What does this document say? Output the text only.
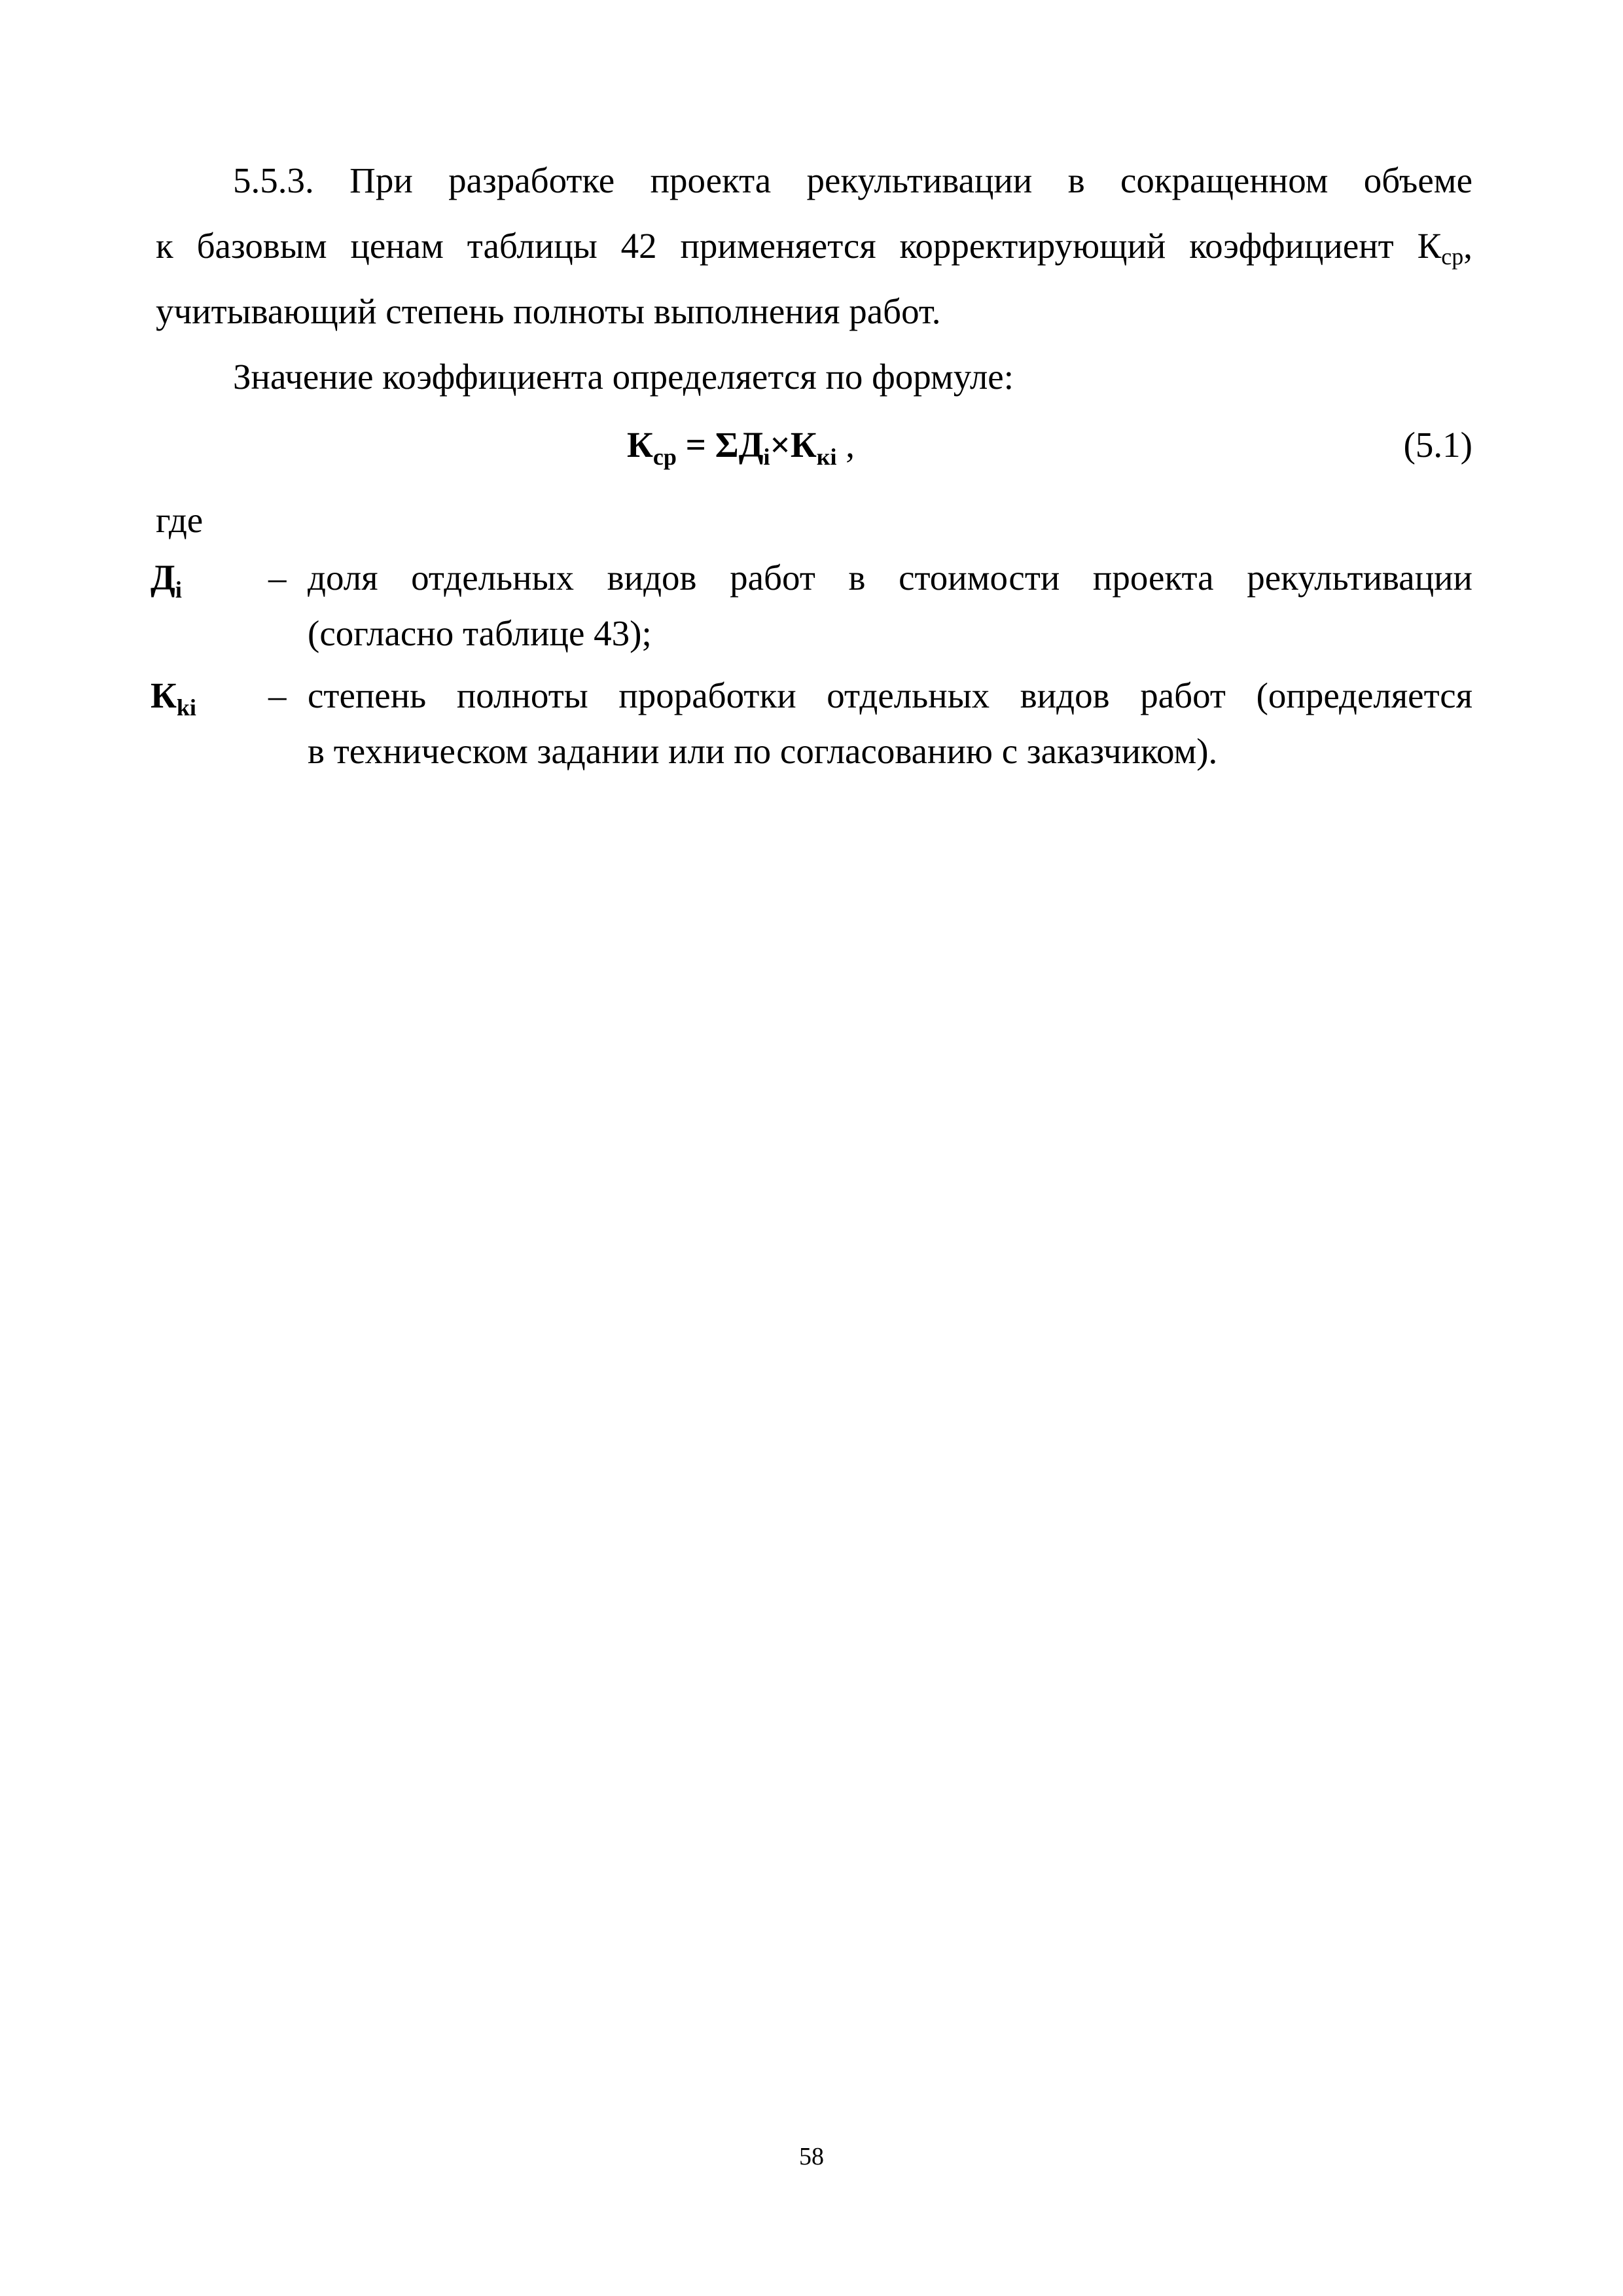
5.5.3. При разработке проекта рекультивации в сокращенном объеме
к базовым ценам таблицы 42 применяется корректирующий коэффициент $К_{ср}$,
учитывающий степень полноты выполнения работ.
Значение коэффициента определяется по формуле:
$К_{ср} = \Sigma Д_i\times К_{кi}$ ,	(5.1)
где
$Д_i$ – доля отдельных видов работ в стоимости проекта рекультивации
(согласно таблице 43);
$К_{ki}$ – степень полноты проработки отдельных видов работ (определяется
в техническом задании или по согласованию с заказчиком).
58
